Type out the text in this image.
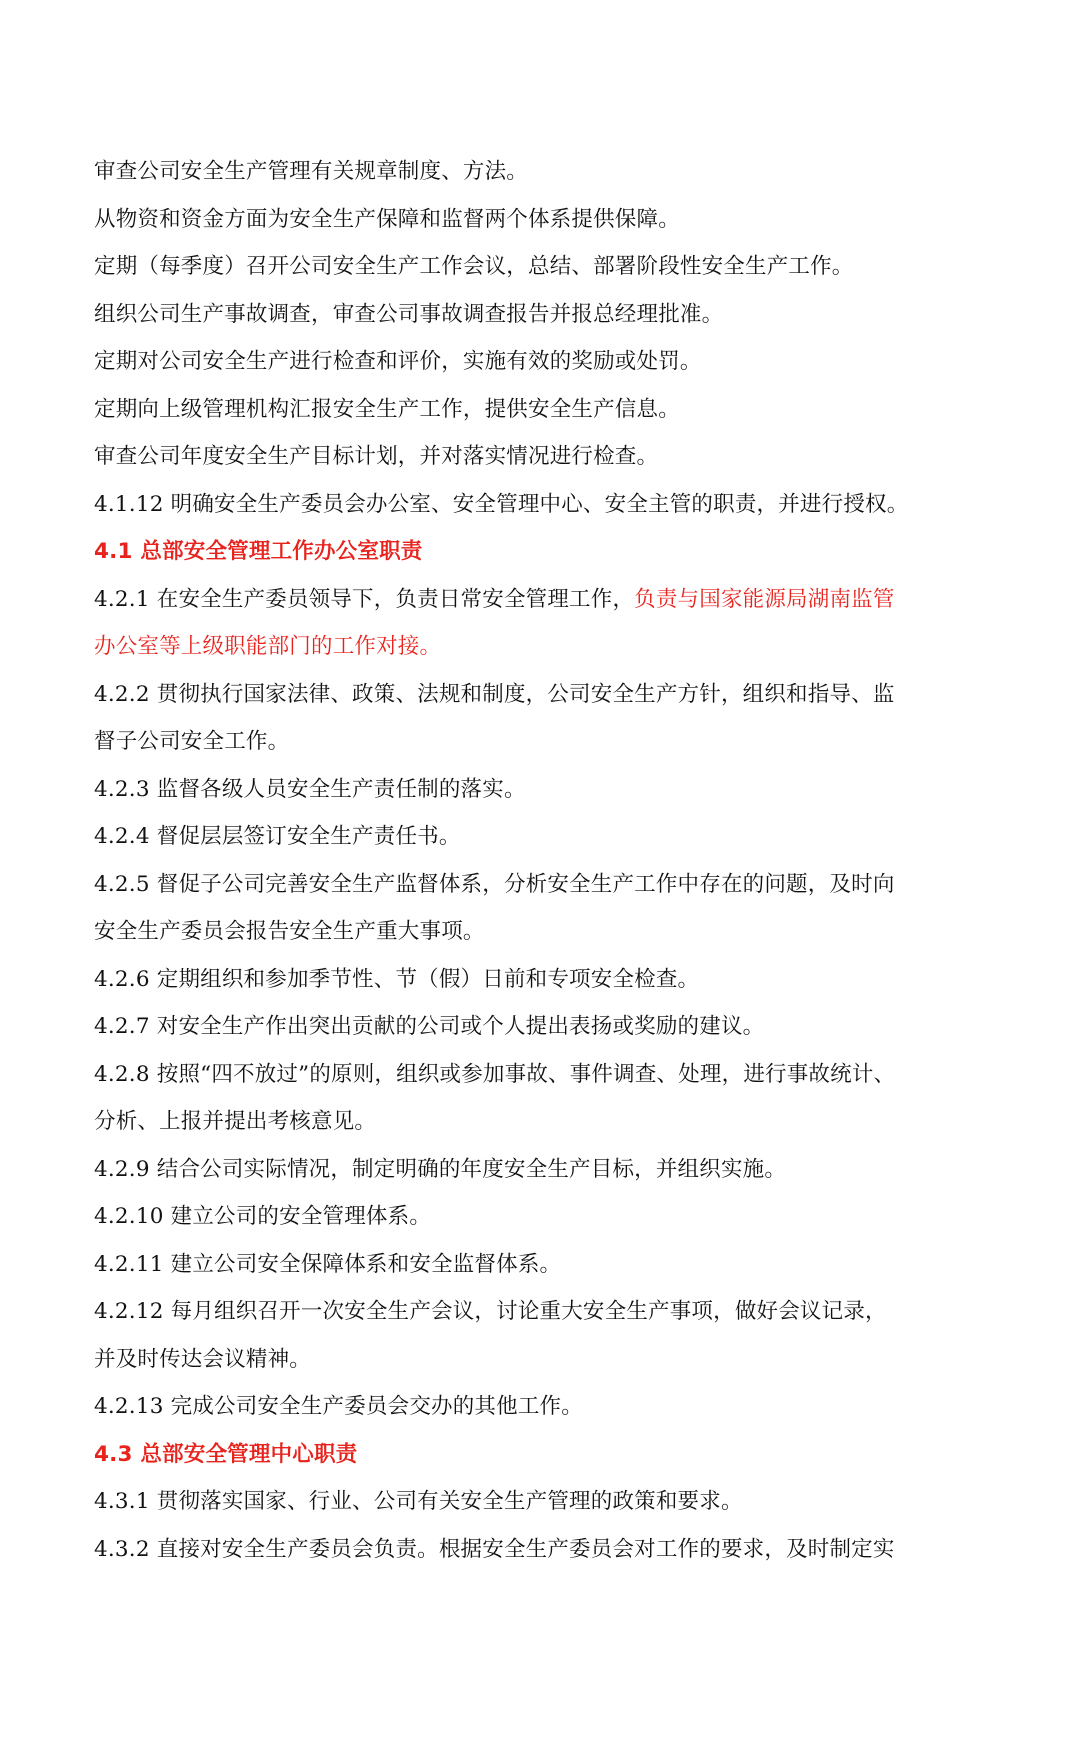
审查公司安全生产管理有关规章制度、方法。
从物资和资金方面为安全生产保障和监督两个体系提供保障。
定期（每季度）召开公司安全生产工作会议，总结、部署阶段性安全生产工作。
组织公司生产事故调查，审查公司事故调查报告并报总经理批准。
定期对公司安全生产进行检查和评价，实施有效的奖励或处罚。
定期向上级管理机构汇报安全生产工作，提供安全生产信息。
审查公司年度安全生产目标计划，并对落实情况进行检查。
4.1.12 明确安全生产委员会办公室、安全管理中心、安全主管的职责，并进行授权。
4.1 总部安全管理工作办公室职责
4.2.1 在安全生产委员领导下，负责日常安全管理工作，负责与国家能源局湖南监管
办公室等上级职能部门的工作对接。
4.2.2 贯彻执行国家法律、政策、法规和制度，公司安全生产方针，组织和指导、监
督子公司安全工作。
4.2.3 监督各级人员安全生产责任制的落实。
4.2.4 督促层层签订安全生产责任书。
4.2.5 督促子公司完善安全生产监督体系，分析安全生产工作中存在的问题，及时向
安全生产委员会报告安全生产重大事项。
4.2.6 定期组织和参加季节性、节（假）日前和专项安全检查。
4.2.7 对安全生产作出突出贡献的公司或个人提出表扬或奖励的建议。
4.2.8 按照“四不放过”的原则，组织或参加事故、事件调查、处理，进行事故统计、
分析、上报并提出考核意见。
4.2.9 结合公司实际情况，制定明确的年度安全生产目标，并组织实施。
4.2.10 建立公司的安全管理体系。
4.2.11 建立公司安全保障体系和安全监督体系。
4.2.12 每月组织召开一次安全生产会议，讨论重大安全生产事项，做好会议记录，
并及时传达会议精神。
4.2.13 完成公司安全生产委员会交办的其他工作。
4.3 总部安全管理中心职责
4.3.1 贯彻落实国家、行业、公司有关安全生产管理的政策和要求。
4.3.2 直接对安全生产委员会负责。根据安全生产委员会对工作的要求，及时制定实
